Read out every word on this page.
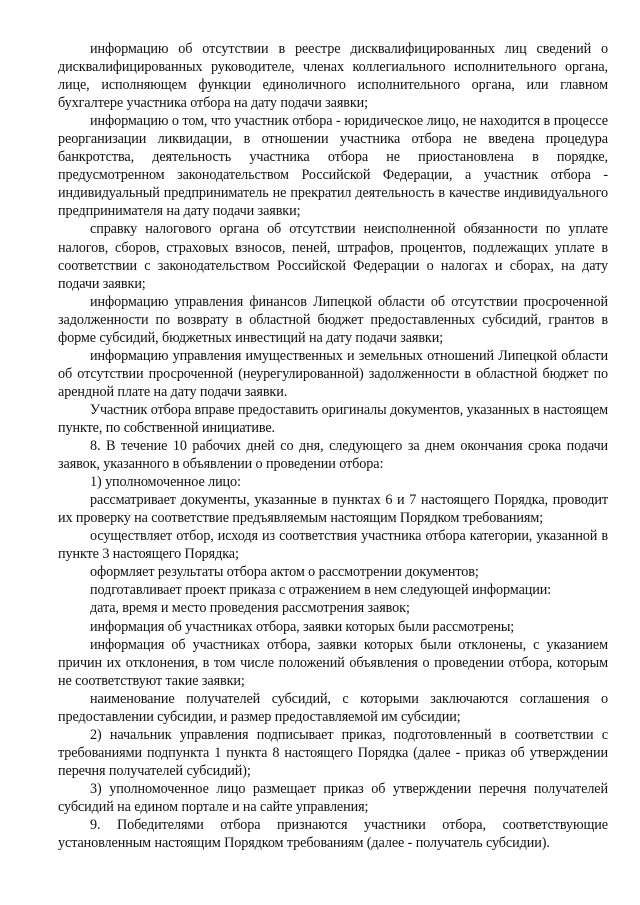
информацию об отсутствии в реестре дисквалифицированных лиц сведений о дисквалифицированных руководителе, членах коллегиального исполнительного органа, лице, исполняющем функции единоличного исполнительного органа, или главном бухгалтере участника отбора на дату подачи заявки;

информацию о том, что участник отбора - юридическое лицо, не находится в процессе реорганизации ликвидации, в отношении участника отбора не введена процедура банкротства, деятельность участника отбора не приостановлена в порядке, предусмотренном законодательством Российской Федерации, а участник отбора - индивидуальный предприниматель не прекратил деятельность в качестве индивидуального предпринимателя на дату подачи заявки;

справку налогового органа об отсутствии неисполненной обязанности по уплате налогов, сборов, страховых взносов, пеней, штрафов, процентов, подлежащих уплате в соответствии с законодательством Российской Федерации о налогах и сборах, на дату подачи заявки;

информацию управления финансов Липецкой области об отсутствии просроченной задолженности по возврату в областной бюджет предоставленных субсидий, грантов в форме субсидий, бюджетных инвестиций на дату подачи заявки;

информацию управления имущественных и земельных отношений Липецкой области об отсутствии просроченной (неурегулированной) задолженности в областной бюджет по арендной плате на дату подачи заявки.

Участник отбора вправе предоставить оригиналы документов, указанных в настоящем пункте, по собственной инициативе.

8. В течение 10 рабочих дней со дня, следующего за днем окончания срока подачи заявок, указанного в объявлении о проведении отбора:

1) уполномоченное лицо:

рассматривает документы, указанные в пунктах 6 и 7 настоящего Порядка, проводит их проверку на соответствие предъявляемым настоящим Порядком требованиям;

осуществляет отбор, исходя из соответствия участника отбора категории, указанной в пункте 3 настоящего Порядка;

оформляет результаты отбора актом о рассмотрении документов;

подготавливает проект приказа с отражением в нем следующей информации:

дата, время и место проведения рассмотрения заявок;

информация об участниках отбора, заявки которых были рассмотрены;

информация об участниках отбора, заявки которых были отклонены, с указанием причин их отклонения, в том числе положений объявления о проведении отбора, которым не соответствуют такие заявки;

наименование получателей субсидий, с которыми заключаются соглашения о предоставлении субсидии, и размер предоставляемой им субсидии;

2) начальник управления подписывает приказ, подготовленный в соответствии с требованиями подпункта 1 пункта 8 настоящего Порядка (далее - приказ об утверждении перечня получателей субсидий);

3) уполномоченное лицо размещает приказ об утверждении перечня получателей субсидий на едином портале и на сайте управления;

9. Победителями отбора признаются участники отбора, соответствующие установленным настоящим Порядком требованиям (далее - получатель субсидии).
